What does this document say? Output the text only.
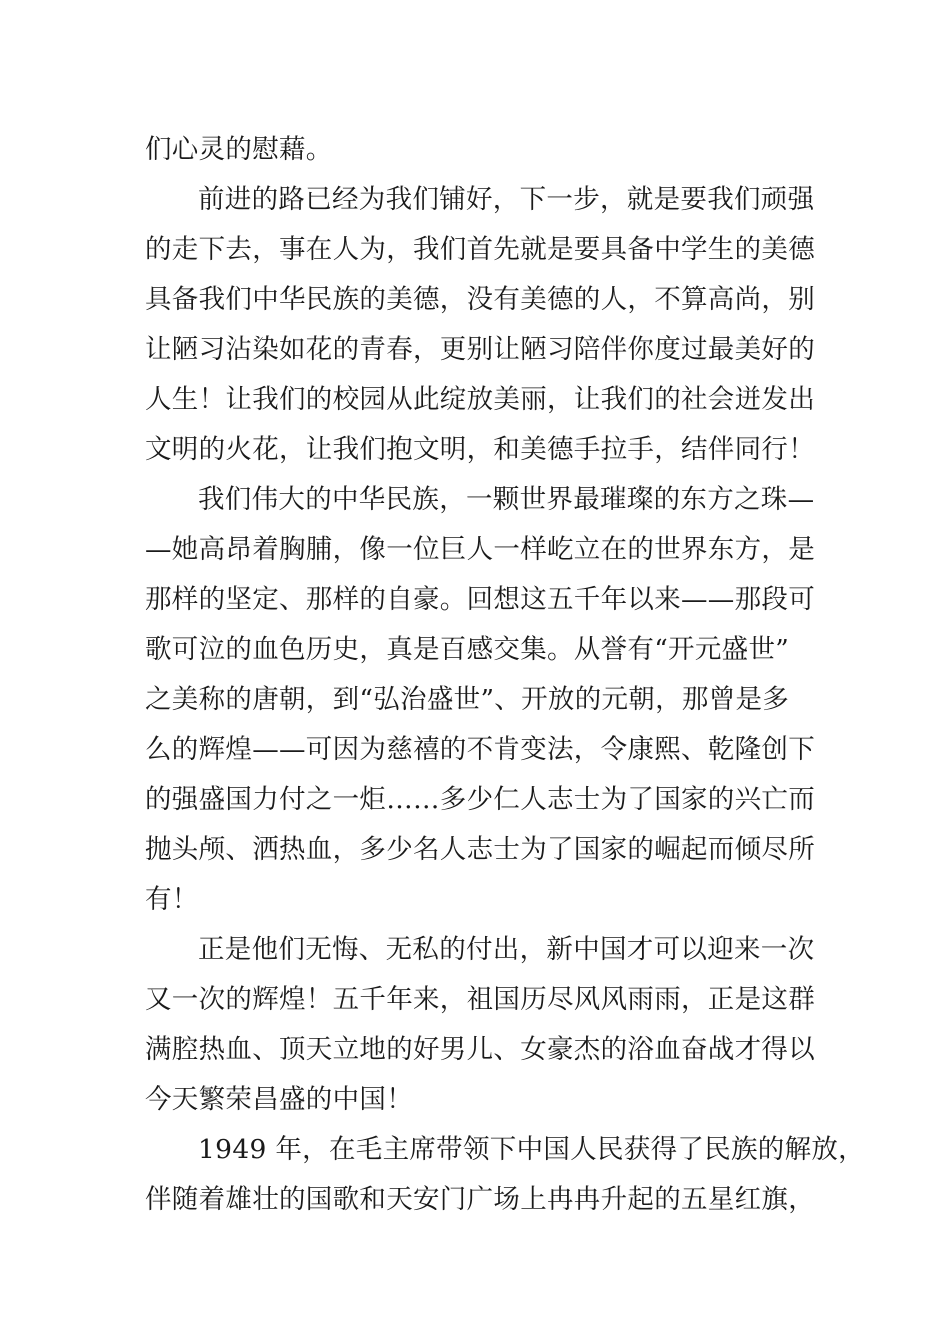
们心灵的慰藉。
前进的路已经为我们铺好，下一步，就是要我们顽强
的走下去，事在人为，我们首先就是要具备中学生的美德
具备我们中华民族的美德，没有美德的人，不算高尚，别
让陋习沾染如花的青春，更别让陋习陪伴你度过最美好的
人生！让我们的校园从此绽放美丽，让我们的社会迸发出
文明的火花，让我们抱文明，和美德手拉手，结伴同行！
我们伟大的中华民族，一颗世界最璀璨的东方之珠—
—她高昂着胸脯，像一位巨人一样屹立在的世界东方，是
那样的坚定、那样的自豪。回想这五千年以来——那段可
歌可泣的血色历史，真是百感交集。从誉有“开元盛世”
之美称的唐朝，到“弘治盛世”、开放的元朝，那曾是多
么的辉煌——可因为慈禧的不肯变法，令康熙、乾隆创下
的强盛国力付之一炬……多少仁人志士为了国家的兴亡而
抛头颅、洒热血，多少名人志士为了国家的崛起而倾尽所
有！
正是他们无悔、无私的付出，新中国才可以迎来一次
又一次的辉煌！五千年来，祖国历尽风风雨雨，正是这群
满腔热血、顶天立地的好男儿、女豪杰的浴血奋战才得以
今天繁荣昌盛的中国！
1949 年，在毛主席带领下中国人民获得了民族的解放，
伴随着雄壮的国歌和天安门广场上冉冉升起的五星红旗，
